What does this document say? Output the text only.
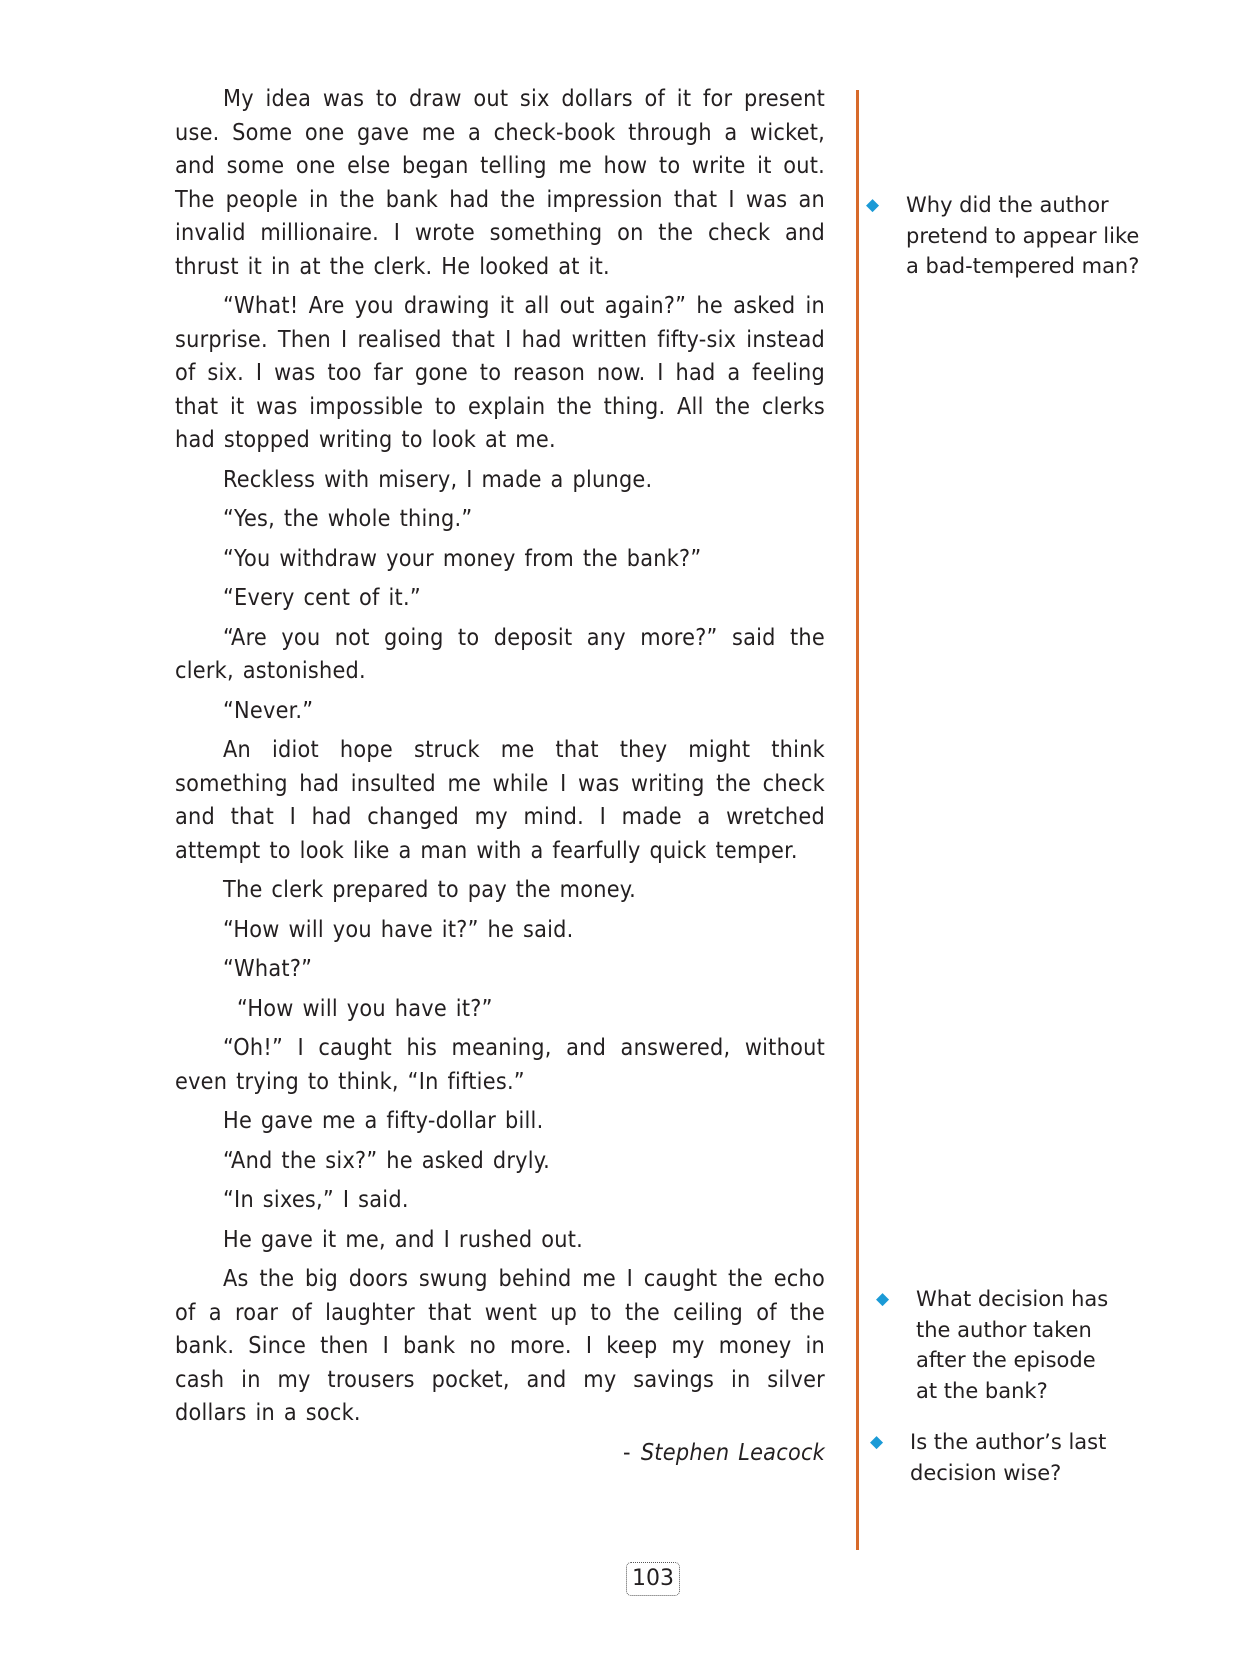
My idea was to draw out six dollars of it for present use. Some one gave me a check-book through a wicket, and some one else began telling me how to write it out. The people in the bank had the impression that I was an invalid millionaire. I wrote something on the check and thrust it in at the clerk. He looked at it.

“What! Are you drawing it all out again?” he asked in surprise. Then I realised that I had written fifty-six instead of six. I was too far gone to reason now. I had a feeling that it was impossible to explain the thing. All the clerks had stopped writing to look at me.

Reckless with misery, I made a plunge.

“Yes, the whole thing.”

“You withdraw your money from the bank?”

“Every cent of it.”

“Are you not going to deposit any more?” said the clerk, astonished.

“Never.”

An idiot hope struck me that they might think something had insulted me while I was writing the check and that I had changed my mind. I made a wretched attempt to look like a man with a fearfully quick temper.

The clerk prepared to pay the money.

“How will you have it?” he said.

“What?”

“How will you have it?”

“Oh!” I caught his meaning, and answered, without even trying to think, “In fifties.”

He gave me a fifty-dollar bill.

“And the six?” he asked dryly.

“In sixes,” I said.

He gave it me, and I rushed out.

As the big doors swung behind me I caught the echo of a roar of laughter that went up to the ceiling of the bank. Since then I bank no more. I keep my money in cash in my trousers pocket, and my savings in silver dollars in a sock.

- Stephen Leacock
◆	Why did the author pretend to appear like a bad-tempered man?
◆	What decision has the author taken after the episode at the bank?
◆	Is the author’s last decision wise?
103
